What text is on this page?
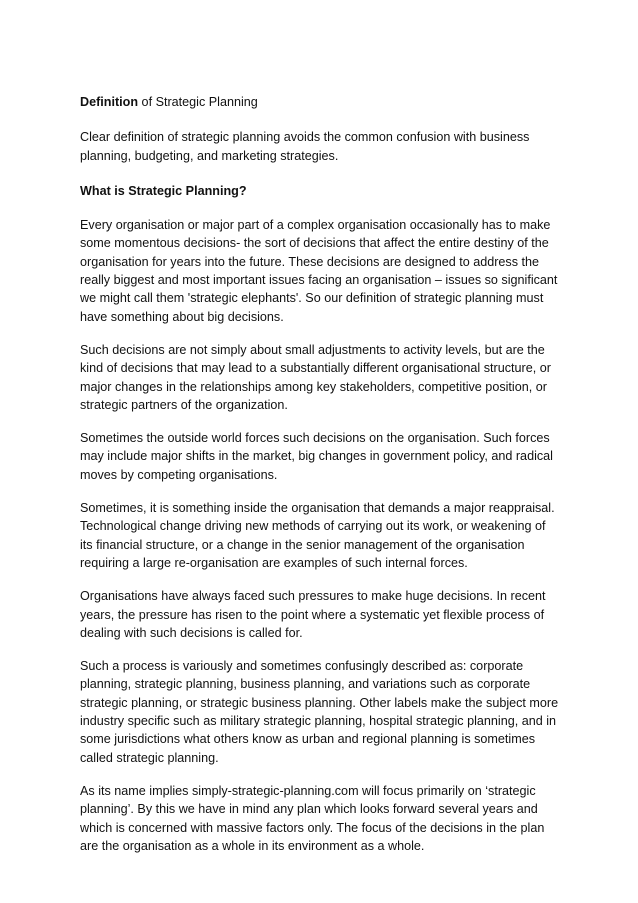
Definition of Strategic Planning

Clear definition of strategic planning avoids the common confusion with business planning, budgeting, and marketing strategies.

What is Strategic Planning?

Every organisation or major part of a complex organisation occasionally has to make some momentous decisions- the sort of decisions that affect the entire destiny of the organisation for years into the future. These decisions are designed to address the really biggest and most important issues facing an organisation – issues so significant we might call them 'strategic elephants'. So our definition of strategic planning must have something about big decisions.

Such decisions are not simply about small adjustments to activity levels, but are the kind of decisions that may lead to a substantially different organisational structure, or major changes in the relationships among key stakeholders, competitive position, or strategic partners of the organization.

Sometimes the outside world forces such decisions on the organisation. Such forces may include major shifts in the market, big changes in government policy, and radical moves by competing organisations.

Sometimes, it is something inside the organisation that demands a major reappraisal. Technological change driving new methods of carrying out its work, or weakening of its financial structure, or a change in the senior management of the organisation requiring a large re-organisation are examples of such internal forces.

Organisations have always faced such pressures to make huge decisions. In recent years, the pressure has risen to the point where a systematic yet flexible process of dealing with such decisions is called for.

Such a process is variously and sometimes confusingly described as: corporate planning, strategic planning, business planning, and variations such as corporate strategic planning, or strategic business planning. Other labels make the subject more industry specific such as military strategic planning, hospital strategic planning, and in some jurisdictions what others know as urban and regional planning is sometimes called strategic planning.

As its name implies simply-strategic-planning.com will focus primarily on ‘strategic planning’. By this we have in mind any plan which looks forward several years and which is concerned with massive factors only. The focus of the decisions in the plan are the organisation as a whole in its environment as a whole.
